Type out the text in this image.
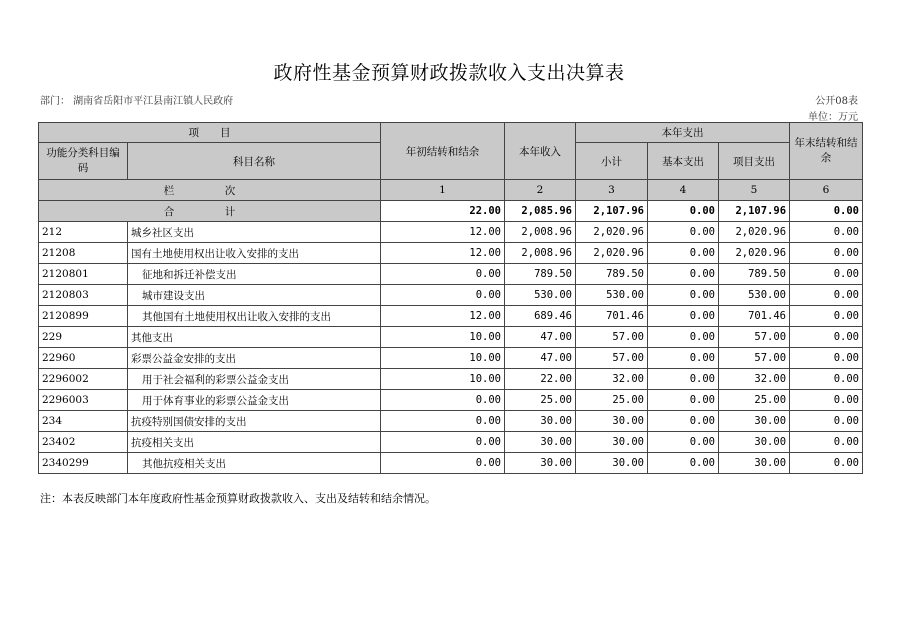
政府性基金预算财政拨款收入支出决算表
部门： 湖南省岳阳市平江县南江镇人民政府	公开08表
单位：万元
项　　目		年初结转和结余	本年收入	本年支出			年末结转和结余
功能分类科目编码	科目名称			小计	基本支出	项目支出	
栏　次		1	2	3	4	5	6
合　计		22.00	2,085.96	2,107.96	0.00	2,107.96	0.00
212	城乡社区支出	12.00	2,008.96	2,020.96	0.00	2,020.96	0.00
21208	国有土地使用权出让收入安排的支出	12.00	2,008.96	2,020.96	0.00	2,020.96	0.00
2120801	征地和拆迁补偿支出	0.00	789.50	789.50	0.00	789.50	0.00
2120803	城市建设支出	0.00	530.00	530.00	0.00	530.00	0.00
2120899	其他国有土地使用权出让收入安排的支出	12.00	689.46	701.46	0.00	701.46	0.00
229	其他支出	10.00	47.00	57.00	0.00	57.00	0.00
22960	彩票公益金安排的支出	10.00	47.00	57.00	0.00	57.00	0.00
2296002	用于社会福利的彩票公益金支出	10.00	22.00	32.00	0.00	32.00	0.00
2296003	用于体育事业的彩票公益金支出	0.00	25.00	25.00	0.00	25.00	0.00
234	抗疫特别国债安排的支出	0.00	30.00	30.00	0.00	30.00	0.00
23402	抗疫相关支出	0.00	30.00	30.00	0.00	30.00	0.00
2340299	其他抗疫相关支出	0.00	30.00	30.00	0.00	30.00	0.00
注：本表反映部门本年度政府性基金预算财政拨款收入、支出及结转和结余情况。
